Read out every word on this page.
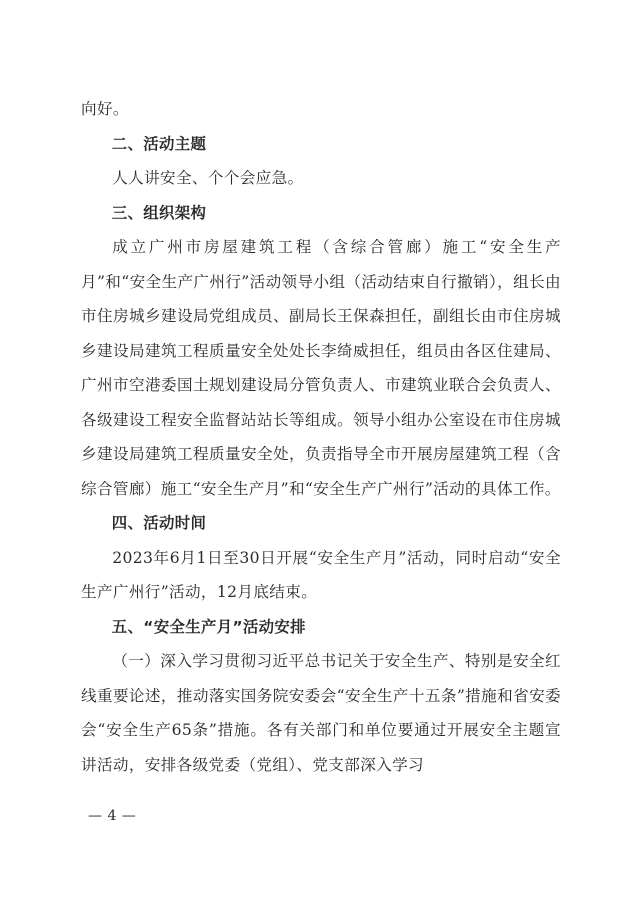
向好。

二、活动主题

人人讲安全、个个会应急。

三、组织架构

成立广州市房屋建筑工程（含综合管廊）施工“安全生产月”和“安全生产广州行”活动领导小组（活动结束自行撤销），组长由市住房城乡建设局党组成员、副局长王保森担任，副组长由市住房城乡建设局建筑工程质量安全处处长李绮威担任，组员由各区住建局、广州市空港委国土规划建设局分管负责人、市建筑业联合会负责人、各级建设工程安全监督站站长等组成。领导小组办公室设在市住房城乡建设局建筑工程质量安全处，负责指导全市开展房屋建筑工程（含综合管廊）施工“安全生产月”和“安全生产广州行”活动的具体工作。

四、活动时间

2023年6月1日至30日开展“安全生产月”活动，同时启动“安全生产广州行”活动，12月底结束。

五、“安全生产月”活动安排

（一）深入学习贯彻习近平总书记关于安全生产、特别是安全红线重要论述，推动落实国务院安委会“安全生产十五条”措施和省安委会“安全生产65条”措施。各有关部门和单位要通过开展安全主题宣讲活动，安排各级党委（党组）、党支部深入学习

— 4 —
